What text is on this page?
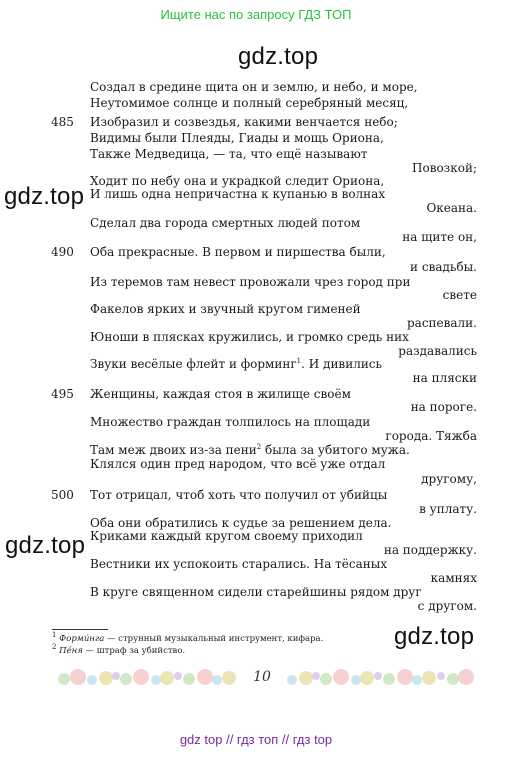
Ищите нас по запросу ГДЗ ТОП
gdz.top
gdz.top
gdz.top
gdz.top
Создал в средине щита он и землю, и небо, и море,
Неутомимое солнце и полный серебряный месяц,
485	Изобразил и созвездья, какими венчается небо;
Видимы были Плеяды, Гиады и мощь Ориона,
Также Медведица, — та, что ещё называют
Повозкой;
Ходит по небу она и украдкой следит Ориона,
И лишь одна непричастна к купанью в волнах
Океана.
Сделал два города смертных людей потом
на щите он,
490	Оба прекрасные. В первом и пиршества были,
и свадьбы.
Из теремов там невест провожали чрез город при
свете
Факелов ярких и звучный кругом гименей
распевали.
Юноши в плясках кружились, и громко средь них
раздавались
Звуки весёлые флейт и форминг$^1$. И дивились
на пляски
495	Женщины, каждая стоя в жилище своём
на пороге.
Множество граждан толпилось на площади
города. Тяжба
Там меж двоих из-за пени$^2$ была за убитого мужа.
Клялся один пред народом, что всё уже отдал
другому,
500	Тот отрицал, чтоб хоть что получил от убийцы
в уплату.
Оба они обратились к судье за решением дела.
Криками каждый кругом своему приходил
на поддержку.
Вестники их успокоить старались. На тёсаных
камнях
В круге священном сидели старейшины рядом друг
с другом.
$^1$ Формúнга — струнный музыкальный инструмент, кифара.
$^2$ Пéня — штраф за убийство.
10
gdz top // гдз топ // гдз top
